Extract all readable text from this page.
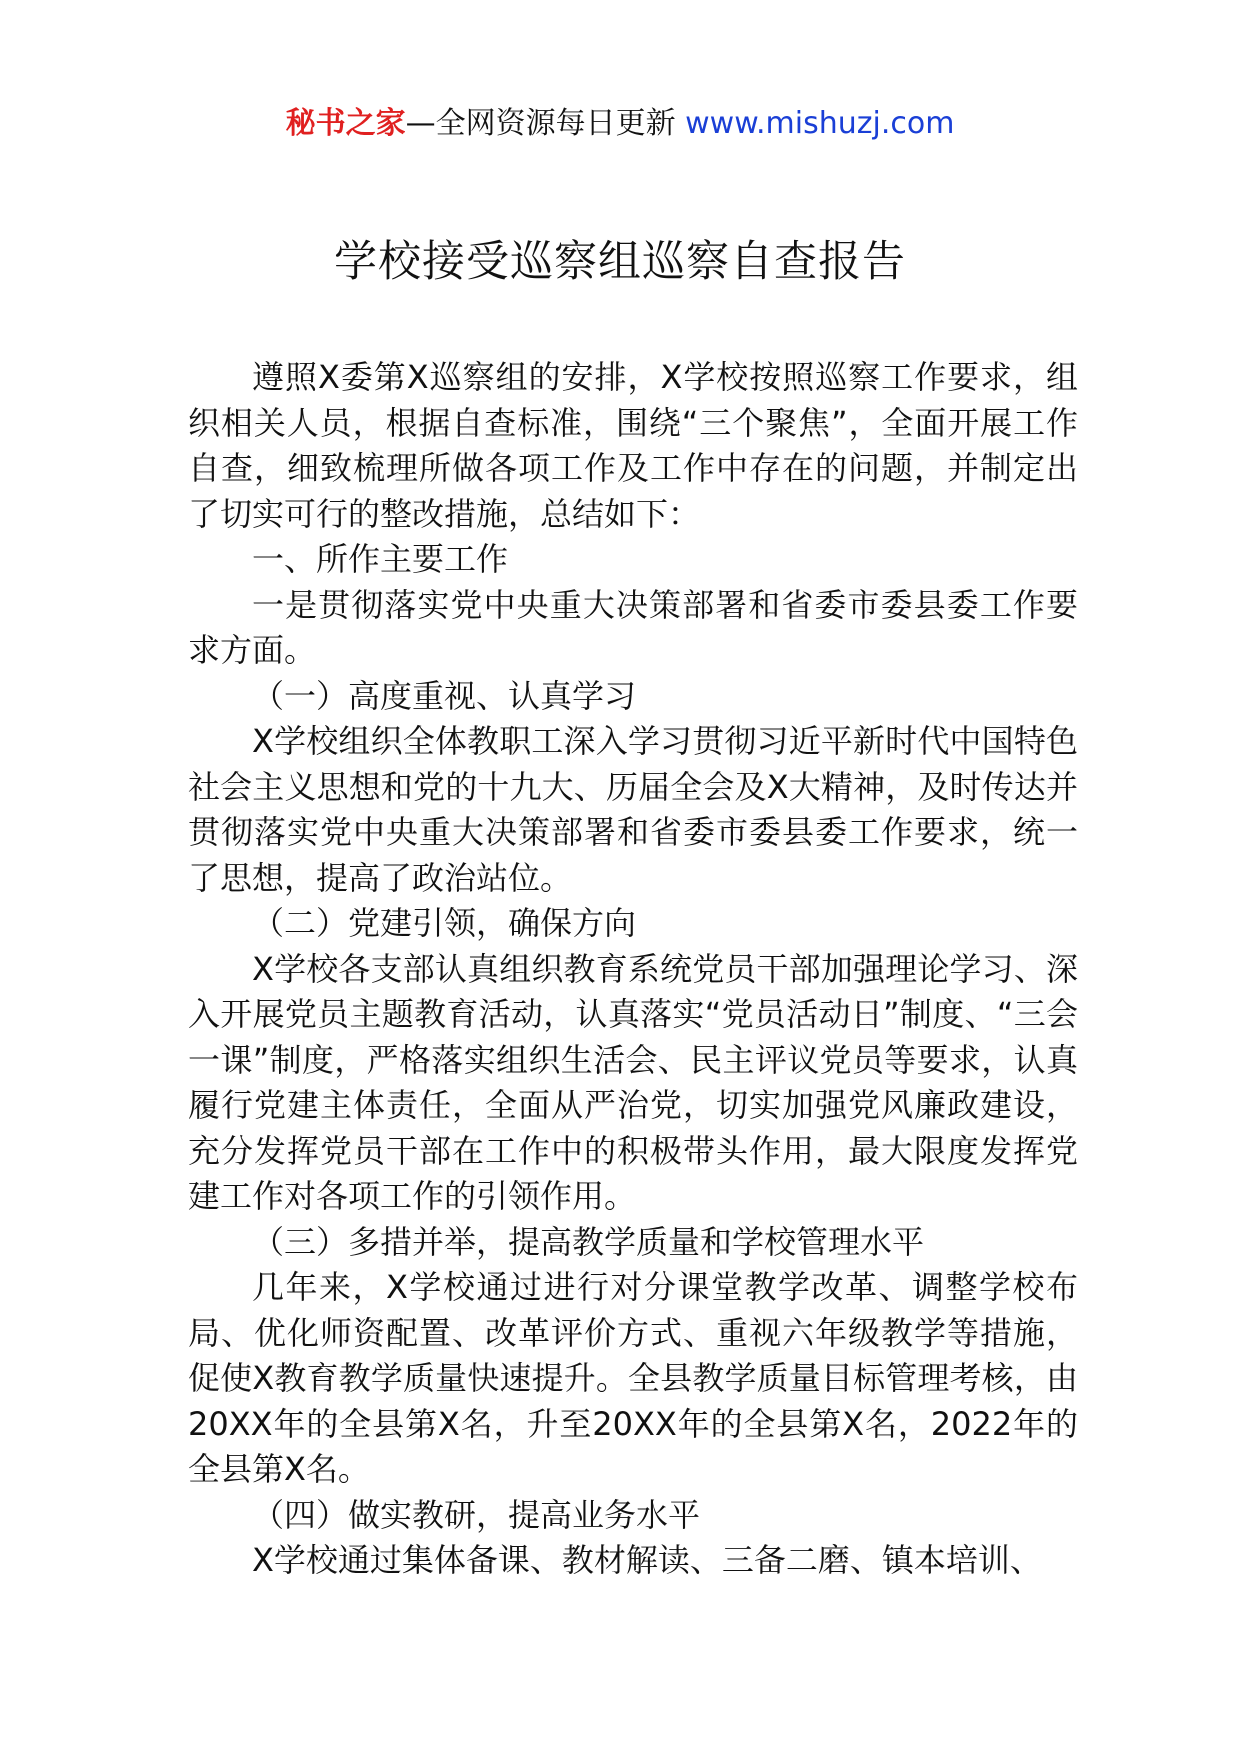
秘书之家—全网资源每日更新 www.mishuzj.com
学校接受巡察组巡察自查报告

遵照X委第X巡察组的安排，X学校按照巡察工作要求，组织相关人员，根据自查标准，围绕“三个聚焦”，全面开展工作自查，细致梳理所做各项工作及工作中存在的问题，并制定出了切实可行的整改措施，总结如下：

一、所作主要工作

一是贯彻落实党中央重大决策部署和省委市委县委工作要求方面。

（一）高度重视、认真学习

X学校组织全体教职工深入学习贯彻习近平新时代中国特色社会主义思想和党的十九大、历届全会及X大精神，及时传达并贯彻落实党中央重大决策部署和省委市委县委工作要求，统一了思想，提高了政治站位。

（二）党建引领，确保方向

X学校各支部认真组织教育系统党员干部加强理论学习、深入开展党员主题教育活动，认真落实“党员活动日”制度、“三会一课”制度，严格落实组织生活会、民主评议党员等要求，认真履行党建主体责任，全面从严治党，切实加强党风廉政建设，充分发挥党员干部在工作中的积极带头作用，最大限度发挥党建工作对各项工作的引领作用。

（三）多措并举，提高教学质量和学校管理水平

几年来，X学校通过进行对分课堂教学改革、调整学校布局、优化师资配置、改革评价方式、重视六年级教学等措施，促使X教育教学质量快速提升。全县教学质量目标管理考核，由20XX年的全县第X名，升至20XX年的全县第X名，2022年的全县第X名。

（四）做实教研，提高业务水平

X学校通过集体备课、教材解读、三备二磨、镇本培训、
